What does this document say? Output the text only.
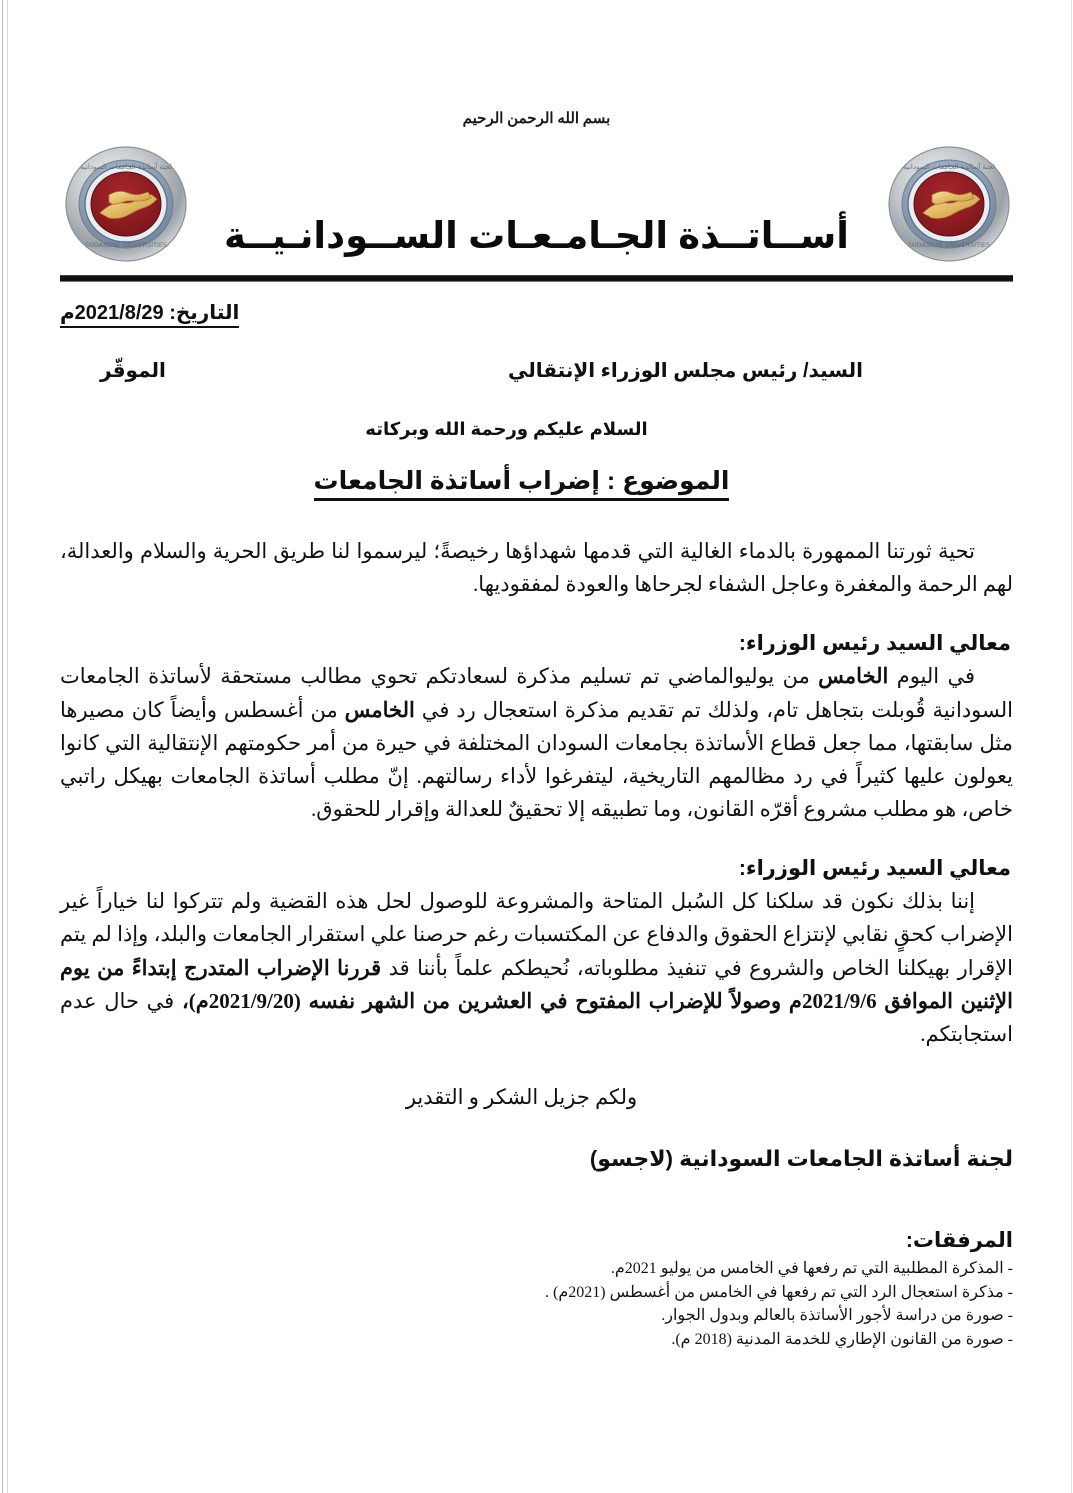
بسم الله الرحمن الرحيم
لجنة أساتذة الجامعات السودانية
SUDANESE UNIVERSITIES
لجنة أساتذة الجامعات السودانية
SUDANESE UNIVERSITIES
أســاتــذة الجـامـعـات الســودانـيــة
التاريخ: 2021/8/29م
السيد/ رئيس مجلس الوزراء الإنتقالي
الموقّر
السلام عليكم ورحمة الله وبركاته
الموضوع : إضراب أساتذة الجامعات

تحية ثورتنا الممهورة بالدماء الغالية التي قدمها شهداؤها رخيصةً؛ ليرسموا لنا طريق الحرية والسلام والعدالة، لهم الرحمة والمغفرة وعاجل الشفاء لجرحاها والعودة لمفقوديها.

معالي السيد رئيس الوزراء:

في اليوم الخامس من يوليوالماضي تم تسليم مذكرة لسعادتكم تحوي مطالب مستحقة لأساتذة الجامعات السودانية قُوبلت بتجاهل تام، ولذلك تم تقديم مذكرة استعجال رد في الخامس من أغسطس وأيضاً كان مصيرها مثل سابقتها، مما جعل قطاع الأساتذة بجامعات السودان المختلفة في حيرة من أمر حكومتهم الإنتقالية التي كانوا يعولون عليها كثيراً في رد مظالمهم التاريخية، ليتفرغوا لأداء رسالتهم. إنّ مطلب أساتذة الجامعات بهيكل راتبي خاص، هو مطلب مشروع أقرّه القانون، وما تطبيقه إلا تحقيقٌ للعدالة وإقرار للحقوق.

معالي السيد رئيس الوزراء:

إننا بذلك نكون قد سلكنا كل السُبل المتاحة والمشروعة للوصول لحل هذه القضية ولم تتركوا لنا خياراً غير الإضراب كحقٍ نقابي لإنتزاع الحقوق والدفاع عن المكتسبات رغم حرصنا علي استقرار الجامعات والبلد، وإذا لم يتم الإقرار بهيكلنا الخاص والشروع في تنفيذ مطلوباته، نُحيطكم علماً بأننا قد قررنا الإضراب المتدرج إبتداءً من يوم الإثنين الموافق 2021/9/6م وصولاً للإضراب المفتوح في العشرين من الشهر نفسه (2021/9/20م)، في حال عدم استجابتكم.

ولكم جزيل الشكر و التقدير
لجنة أساتذة الجامعات السودانية (لاجسو)
المرفقات:
- المذكرة المطلبية التي تم رفعها في الخامس من يوليو 2021م.
- مذكرة استعجال الرد التي تم رفعها في الخامس من أغسطس (2021م) .
- صورة من دراسة لأجور الأساتذة بالعالم وبدول الجوار.
- صورة من القانون الإطاري للخدمة المدنية (2018 م).
